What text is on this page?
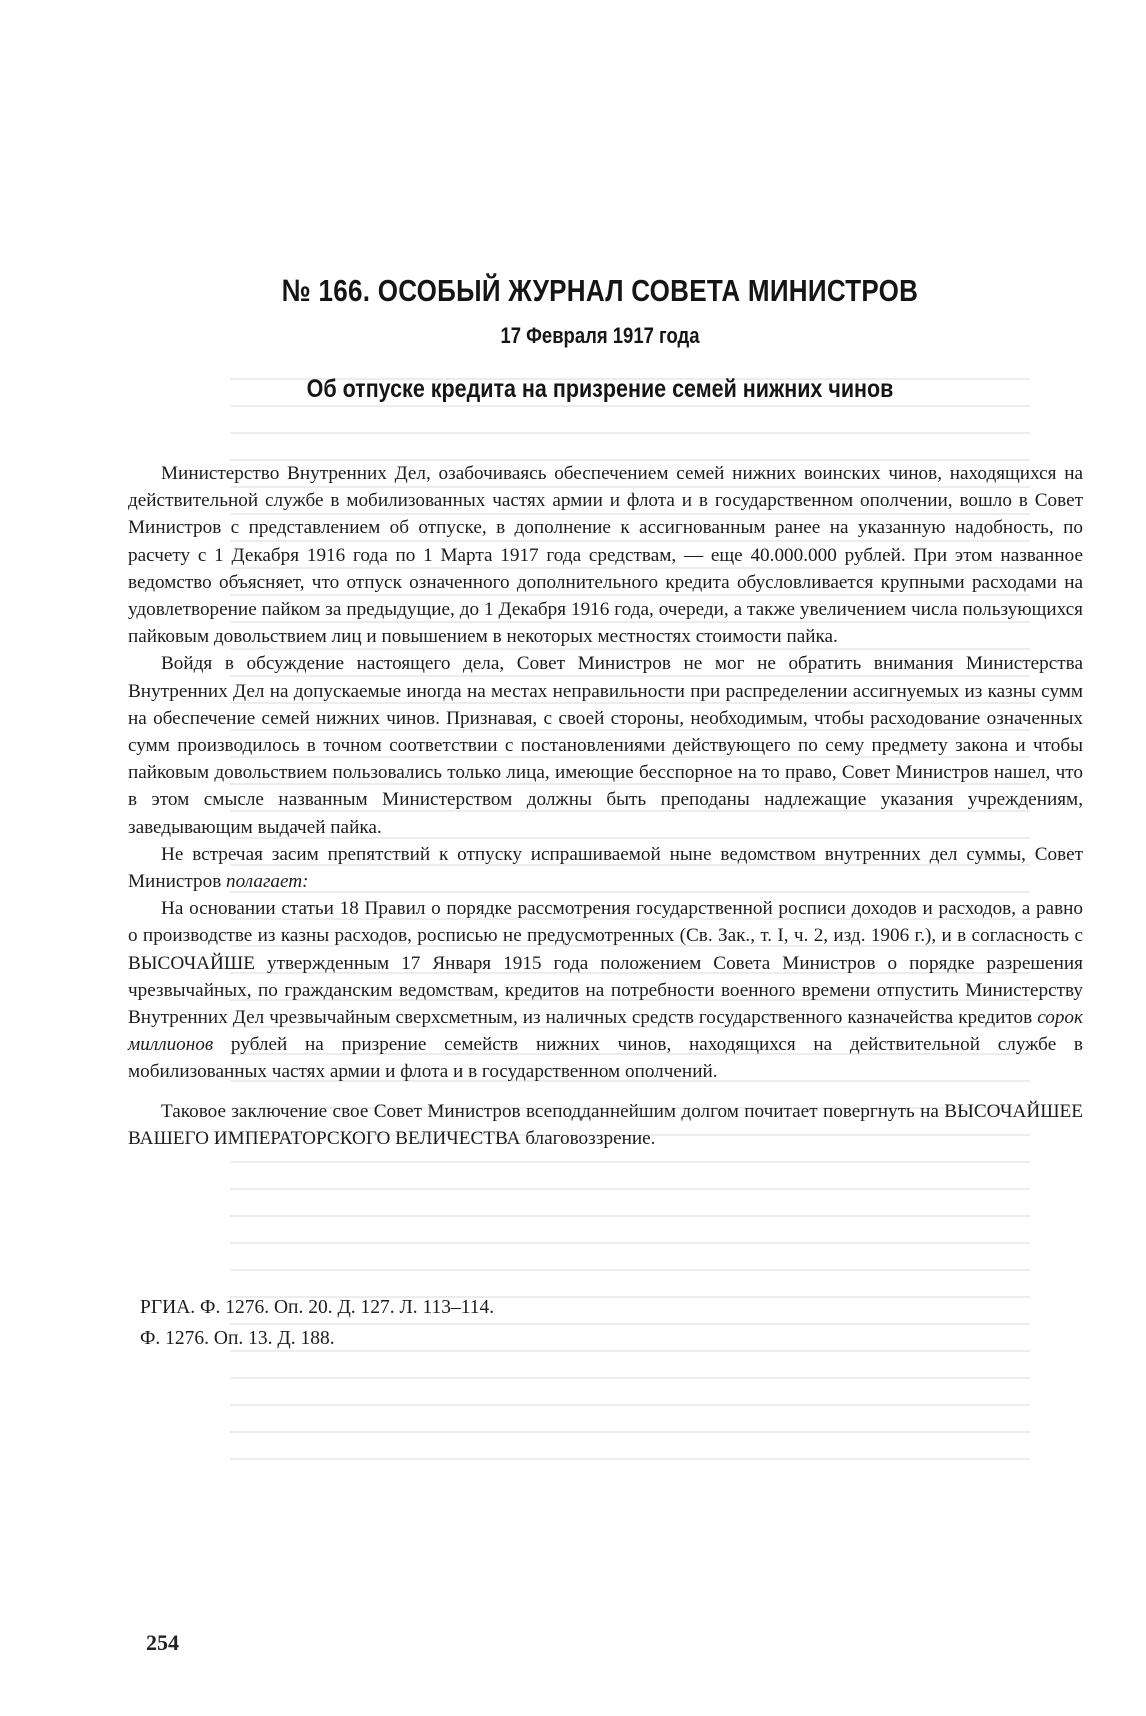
№ 166. ОСОБЫЙ ЖУРНАЛ СОВЕТА МИНИСТРОВ
17 Февраля 1917 года
Об отпуске кредита на призрение семей нижних чинов

Министерство Внутренних Дел, озабочиваясь обеспечением семей нижних воинских чинов, находящихся на действительной службе в мобилизованных частях армии и флота и в государственном ополчении, вошло в Совет Министров с представлением об отпуске, в дополнение к ассигнованным ранее на указанную надобность, по расчету с 1 Декабря 1916 года по 1 Марта 1917 года средствам, — еще 40.000.000 рублей. При этом названное ведомство объясняет, что отпуск означенного дополнительного кредита обусловливается крупными расходами на удовлетворение пайком за предыдущие, до 1 Декабря 1916 года, очереди, а также увеличением числа пользующихся пайковым довольствием лиц и повышением в некоторых местностях стоимости пайка.

Войдя в обсуждение настоящего дела, Совет Министров не мог не обратить внимания Министерства Внутренних Дел на допускаемые иногда на местах неправильности при распределении ассигнуемых из казны сумм на обеспечение семей нижних чинов. Признавая, с своей стороны, необходимым, чтобы расходование означенных сумм производилось в точном соответствии с постановлениями действующего по сему предмету закона и чтобы пайковым довольствием пользовались только лица, имеющие бесспорное на то право, Совет Министров нашел, что в этом смысле названным Министерством должны быть преподаны надлежащие указания учреждениям, заведывающим выдачей пайка.

Не встречая засим препятствий к отпуску испрашиваемой ныне ведомством внутренних дел суммы, Совет Министров полагает:

На основании статьи 18 Правил о порядке рассмотрения государственной росписи доходов и расходов, а равно о производстве из казны расходов, росписью не предусмотренных (Св. Зак., т. I, ч. 2, изд. 1906 г.), и в согласность с ВЫСОЧАЙШЕ утвержденным 17 Января 1915 года положением Совета Министров о порядке разрешения чрезвычайных, по гражданским ведомствам, кредитов на потребности военного времени отпустить Министерству Внутренних Дел чрезвычайным сверхсметным, из наличных средств государственного казначейства кредитов сорок миллионов рублей на призрение семейств нижних чинов, находящихся на действительной службе в мобилизованных частях армии и флота и в государственном ополчений.

Таковое заключение свое Совет Министров всеподданнейшим долгом почитает повергнуть на ВЫСОЧАЙШЕЕ ВАШЕГО ИМПЕРАТОРСКОГО ВЕЛИЧЕСТВА благовоззрение.

РГИА. Ф. 1276. Оп. 20. Д. 127. Л. 113–114.
Ф. 1276. Оп. 13. Д. 188.
254
